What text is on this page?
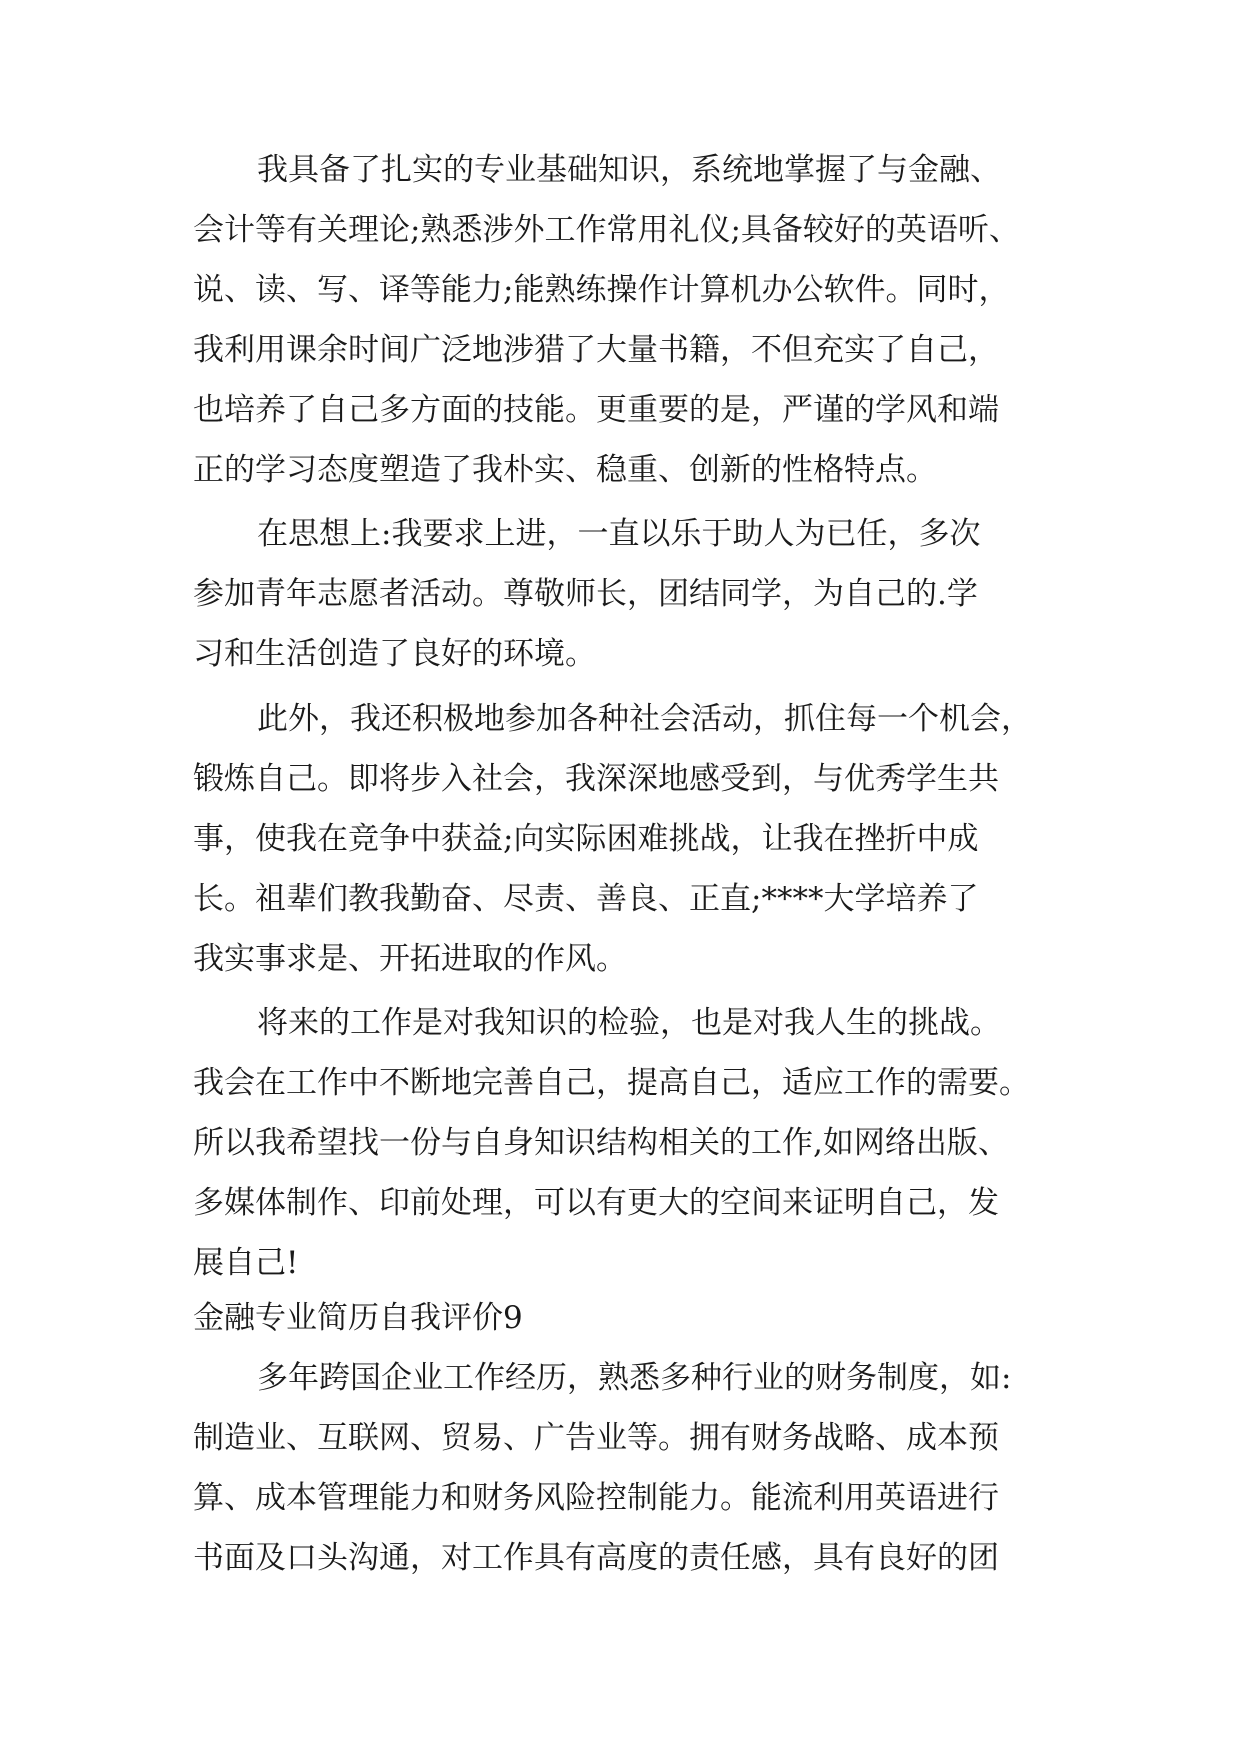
我具备了扎实的专业基础知识，系统地掌握了与金融、
会计等有关理论;熟悉涉外工作常用礼仪;具备较好的英语听、
说、读、写、译等能力;能熟练操作计算机办公软件。同时，
我利用课余时间广泛地涉猎了大量书籍，不但充实了自己，
也培养了自己多方面的技能。更重要的是，严谨的学风和端
正的学习态度塑造了我朴实、稳重、创新的性格特点。
在思想上:我要求上进，一直以乐于助人为已任，多次
参加青年志愿者活动。尊敬师长，团结同学，为自己的.学
习和生活创造了良好的环境。
此外，我还积极地参加各种社会活动，抓住每一个机会，
锻炼自己。即将步入社会，我深深地感受到，与优秀学生共
事，使我在竞争中获益;向实际困难挑战，让我在挫折中成
长。祖辈们教我勤奋、尽责、善良、正直;****大学培养了
我实事求是、开拓进取的作风。
将来的工作是对我知识的检验，也是对我人生的挑战。
我会在工作中不断地完善自己，提高自己，适应工作的需要。
所以我希望找一份与自身知识结构相关的工作,如网络出版、
多媒体制作、印前处理，可以有更大的空间来证明自己，发
展自己!
金融专业简历自我评价9
多年跨国企业工作经历，熟悉多种行业的财务制度，如:
制造业、互联网、贸易、广告业等。拥有财务战略、成本预
算、成本管理能力和财务风险控制能力。能流利用英语进行
书面及口头沟通，对工作具有高度的责任感，具有良好的团
